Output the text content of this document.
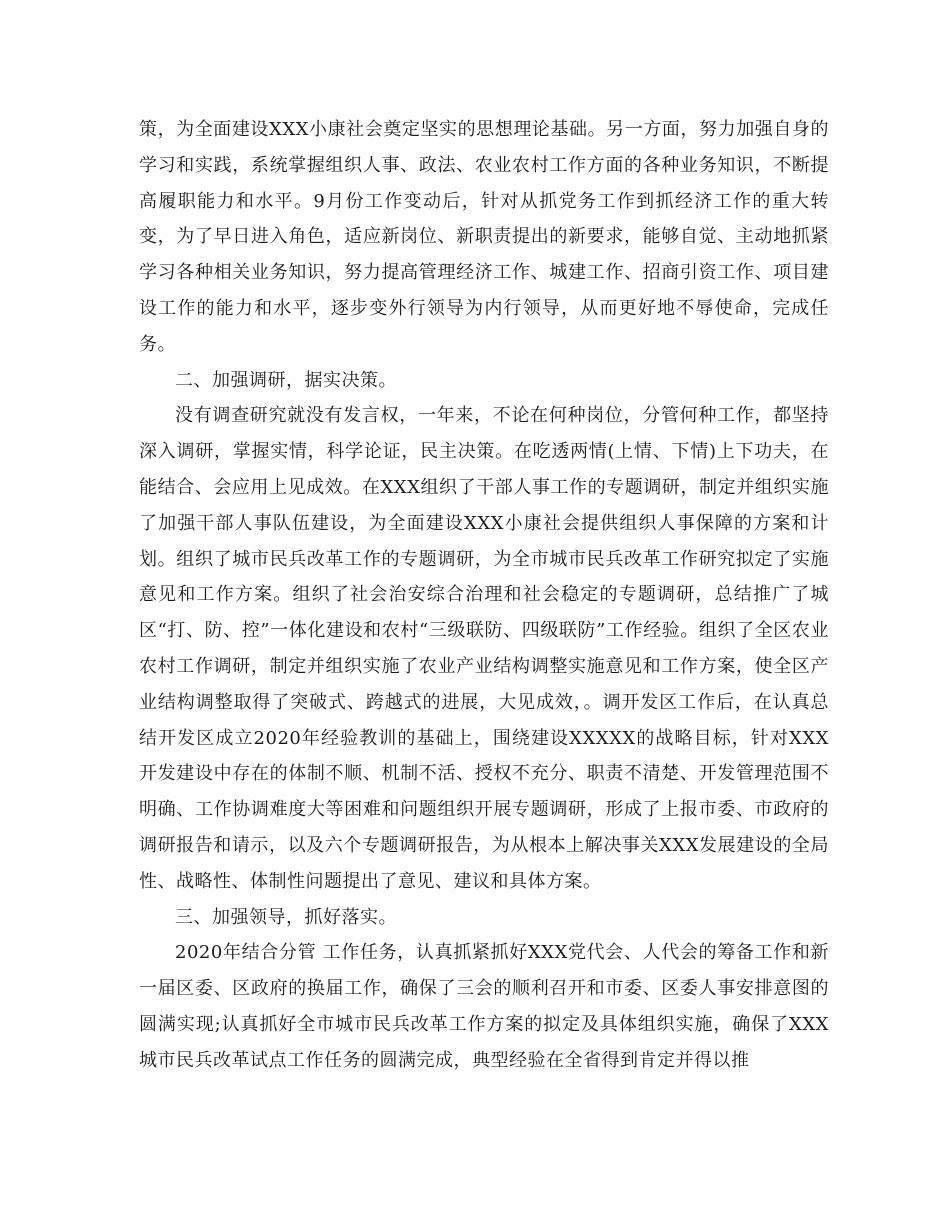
策，为全面建设XXX小康社会奠定坚实的思想理论基础。另一方面，努力加强自身的学习和实践，系统掌握组织人事、政法、农业农村工作方面的各种业务知识，不断提高履职能力和水平。9月份工作变动后，针对从抓党务工作到抓经济工作的重大转变，为了早日进入角色，适应新岗位、新职责提出的新要求，能够自觉、主动地抓紧学习各种相关业务知识，努力提高管理经济工作、城建工作、招商引资工作、项目建设工作的能力和水平，逐步变外行领导为内行领导，从而更好地不辱使命，完成任务。

二、加强调研，据实决策。

没有调查研究就没有发言权，一年来，不论在何种岗位，分管何种工作，都坚持深入调研，掌握实情，科学论证，民主决策。在吃透两情(上情、下情)上下功夫，在能结合、会应用上见成效。在XXX组织了干部人事工作的专题调研，制定并组织实施了加强干部人事队伍建设，为全面建设XXX小康社会提供组织人事保障的方案和计划。组织了城市民兵改革工作的专题调研，为全市城市民兵改革工作研究拟定了实施意见和工作方案。组织了社会治安综合治理和社会稳定的专题调研，总结推广了城区“打、防、控”一体化建设和农村“三级联防、四级联防”工作经验。组织了全区农业农村工作调研，制定并组织实施了农业产业结构调整实施意见和工作方案，使全区产业结构调整取得了突破式、跨越式的进展，大见成效，。调开发区工作后，在认真总结开发区成立2020年经验教训的基础上，围绕建设XXXXX的战略目标，针对XXX开发建设中存在的体制不顺、机制不活、授权不充分、职责不清楚、开发管理范围不明确、工作协调难度大等困难和问题组织开展专题调研，形成了上报市委、市政府的调研报告和请示，以及六个专题调研报告，为从根本上解决事关XXX发展建设的全局性、战略性、体制性问题提出了意见、建议和具体方案。

三、加强领导，抓好落实。

2020年结合分管 工作任务，认真抓紧抓好XXX党代会、人代会的筹备工作和新一届区委、区政府的换届工作，确保了三会的顺利召开和市委、区委人事安排意图的圆满实现;认真抓好全市城市民兵改革工作方案的拟定及具体组织实施，确保了XXX城市民兵改革试点工作任务的圆满完成，典型经验在全省得到肯定并得以推
